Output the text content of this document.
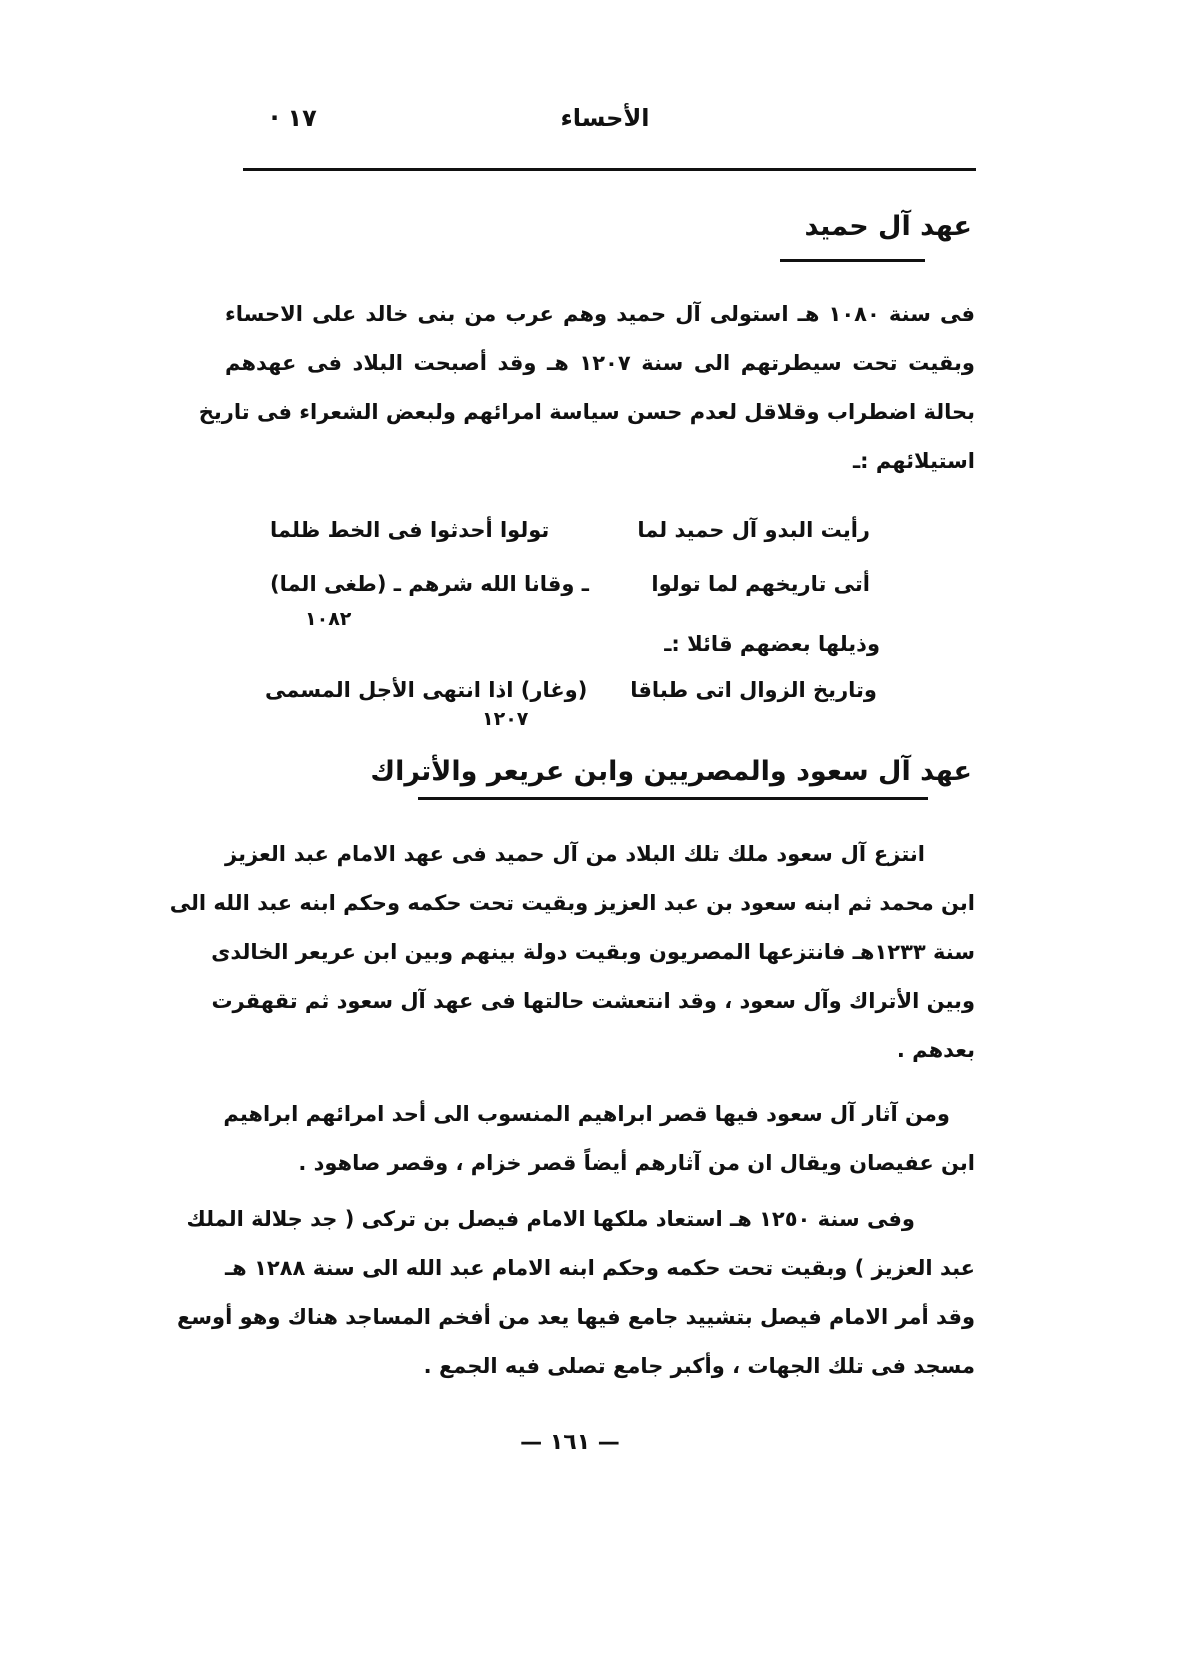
الأحساء
١٧ ·
عهد آل حميد
فى سنة ١٠٨٠ هـ استولى آل حميد وهم عرب من بنى خالد على الاحساء
وبقيت تحت سيطرتهم الى سنة ١٢٠٧ هـ وقد أصبحت البلاد فى عهدهم
بحالة اضطراب وقلاقل لعدم حسن سياسة امرائهم ولبعض الشعراء فى تاريخ
استيلائهم :ـ
رأيت البدو آل حميد لما
تولوا أحدثوا فى الخط ظلما
أتى تاريخهم لما تولوا
ـ وقانا الله شرهم ـ (طغى الما)
١٠٨٢
وذيلها بعضهم قائلا :ـ
وتاريخ الزوال اتى طباقا
(وغار) اذا انتهى الأجل المسمى
١٢٠٧
عهد آل سعود والمصريين وابن عريعر والأتراك
انتزع آل سعود ملك تلك البلاد من آل حميد فى عهد الامام عبد العزيز
ابن محمد ثم ابنه سعود بن عبد العزيز وبقيت تحت حكمه وحكم ابنه عبد الله الى
سنة ١٢٣٣هـ فانتزعها المصريون وبقيت دولة بينهم وبين ابن عريعر الخالدى
وبين الأتراك وآل سعود ، وقد انتعشت حالتها فى عهد آل سعود ثم تقهقرت
بعدهم .
ومن آثار آل سعود فيها قصر ابراهيم المنسوب الى أحد امرائهم ابراهيم
ابن عفيصان ويقال ان من آثارهم أيضاً قصر خزام ، وقصر صاهود .
وفى سنة ١٢٥٠ هـ استعاد ملكها الامام فيصل بن تركى ( جد جلالة الملك
عبد العزيز ) وبقيت تحت حكمه وحكم ابنه الامام عبد الله الى سنة ١٢٨٨ هـ
وقد أمر الامام فيصل بتشييد جامع فيها يعد من أفخم المساجد هناك وهو أوسع
مسجد فى تلك الجهات ، وأكبر جامع تصلى فيه الجمع .
— ١٦١ —
